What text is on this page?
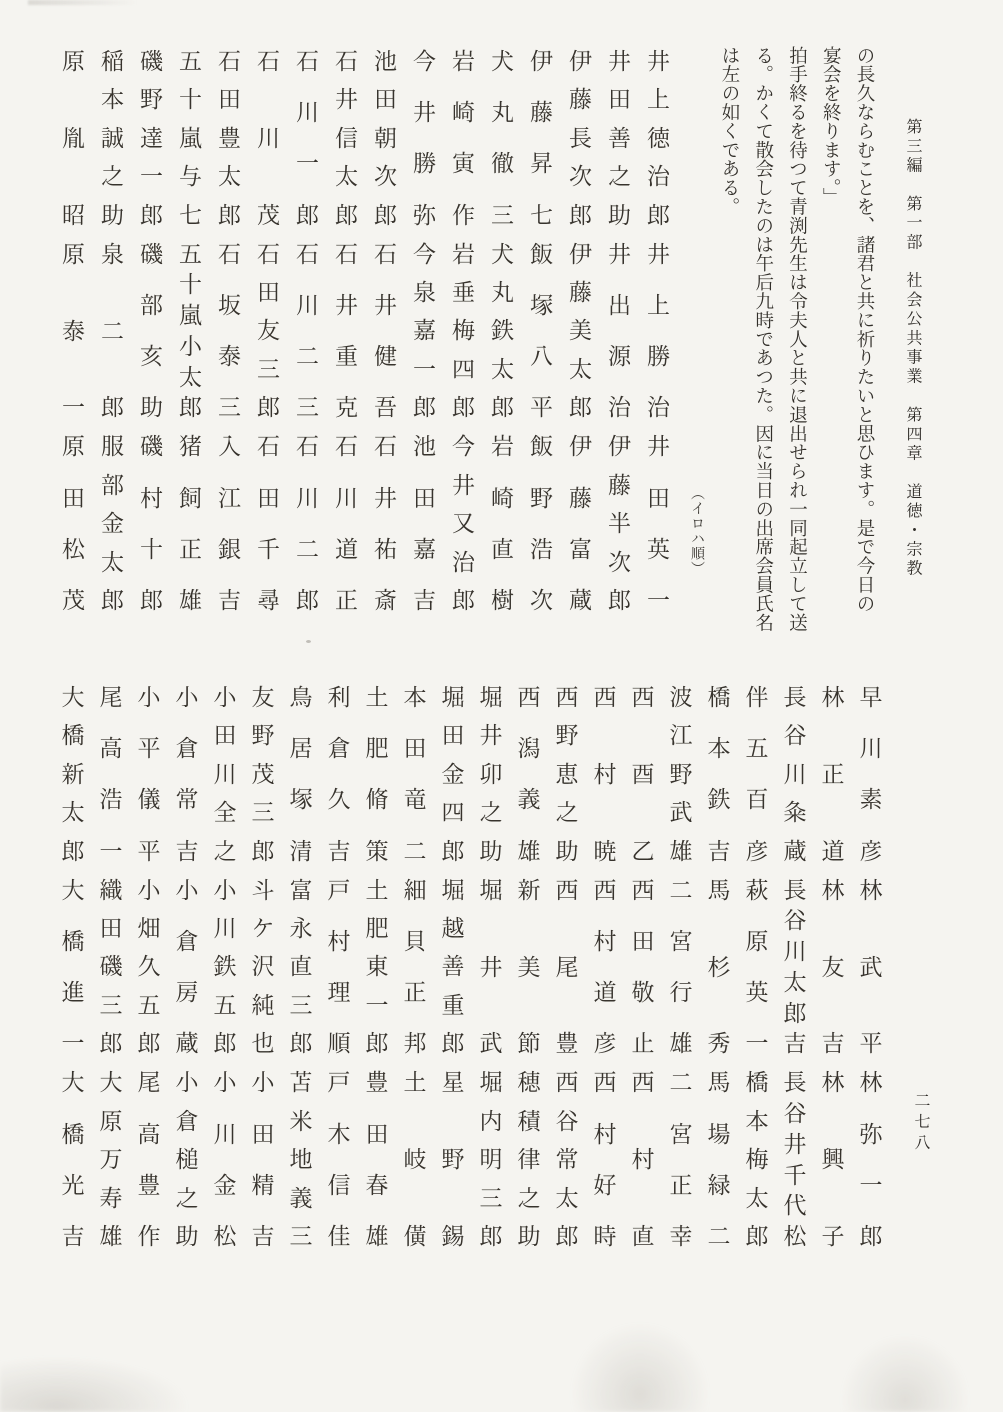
第三編　第一部　社会公共事業　第四章　道徳・宗教
二七八
の長久ならむことを、諸君と共に祈りたいと思ひます。是で今日の
宴会を終ります。」
拍手終るを待つて青渕先生は令夫人と共に退出せられ一同起立して送
る。かくて散会したのは午后九時であつた。因に当日の出席会員氏名
は左の如くである。
（イロハ順）
井
上
徳
治
郎
井
上
勝
治
井
田
英
一
井
田
善
之
助
井
出
源
治
伊
藤
半
次
郎
伊
藤
長
次
郎
伊
藤
美
太
郎
伊
藤
富
蔵
伊
藤
昇
七
飯
塚
八
平
飯
野
浩
次
犬
丸
徹
三
犬
丸
鉄
太
郎
岩
崎
直
樹
岩
崎
寅
作
岩
垂
梅
四
郎
今
井
又
治
郎
今
井
勝
弥
今
泉
嘉
一
郎
池
田
嘉
吉
池
田
朝
次
郎
石
井
健
吾
石
井
祐
斎
石
井
信
太
郎
石
井
重
克
石
川
道
正
石
川
一
郎
石
川
二
三
石
川
二
郎
石
川
茂
石
田
友
三
郎
石
田
千
尋
石
田
豊
太
郎
石
坂
泰
三
入
江
銀
吉
五
十
嵐
与
七
五
十
嵐
小
太
郎
猪
飼
正
雄
磯
野
達
一
郎
磯
部
亥
助
磯
村
十
郎
稲
本
誠
之
助
泉
二
郎
服
部
金
太
郎
原
胤
昭
原
泰
一
原
田
松
茂
早
川
素
彦
林
武
平
林
弥
一
郎
林
正
道
林
友
吉
林
興
子
長
谷
川
粂
蔵
長
谷
川
太
郎
吉
長
谷
井
千
代
松
伴
五
百
彦
萩
原
英
一
橋
本
梅
太
郎
橋
本
鉄
吉
馬
杉
秀
馬
場
緑
二
波
江
野
武
雄
二
宮
行
雄
二
宮
正
幸
西
酉
乙
西
田
敬
止
西
村
直
西
村
暁
西
村
道
彦
西
村
好
時
西
野
恵
之
助
西
尾
豊
西
谷
常
太
郎
西
潟
義
雄
新
美
節
穂
積
律
之
助
堀
井
卯
之
助
堀
井
武
堀
内
明
三
郎
堀
田
金
四
郎
堀
越
善
重
郎
星
野
錫
本
田
竜
二
細
貝
正
邦
土
岐
僙
土
肥
脩
策
土
肥
東
一
郎
豊
田
春
雄
利
倉
久
吉
戸
村
理
順
戸
木
信
佳
鳥
居
塚
清
富
永
直
三
郎
苫
米
地
義
三
友
野
茂
三
郎
斗
ケ
沢
純
也
小
田
精
吉
小
田
川
全
之
小
川
鉄
五
郎
小
川
金
松
小
倉
常
吉
小
倉
房
蔵
小
倉
槌
之
助
小
平
儀
平
小
畑
久
五
郎
尾
高
豊
作
尾
高
浩
一
織
田
磯
三
郎
大
原
万
寿
雄
大
橋
新
太
郎
大
橋
進
一
大
橋
光
吉
